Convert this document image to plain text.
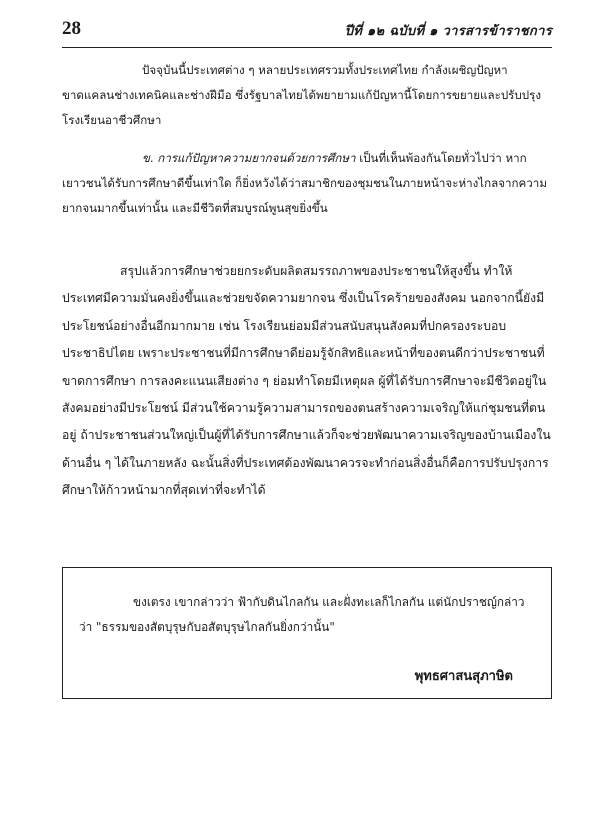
28	ปีที่ ๑๒ ฉบับที่ ๑ วารสารข้าราชการ
ปัจจุบันนี้ประเทศต่าง ๆ หลายประเทศรวมทั้งประเทศไทย กำลังเผชิญปัญหาขาดแคลนช่างเทคนิคและช่างฝีมือ ซึ่งรัฐบาลไทยได้พยายามแก้ปัญหานี้โดยการขยายและปรับปรุงโรงเรียนอาชีวศึกษา
ข. การแก้ปัญหาความยากจนด้วยการศึกษา เป็นที่เห็นพ้องกันโดยทั่วไปว่า หากเยาวชนได้รับการศึกษาดีขึ้นเท่าใด ก็ยิ่งหวังได้ว่าสมาชิกของชุมชนในภายหน้าจะห่างไกลจากความยากจนมากขึ้นเท่านั้น และมีชีวิตที่สมบูรณ์พูนสุขยิ่งขึ้น
สรุปแล้วการศึกษาช่วยยกระดับผลิตสมรรถภาพของประชาชนให้สูงขึ้น ทำให้ประเทศมีความมั่นคงยิ่งขึ้นและช่วยขจัดความยากจน ซึ่งเป็นโรคร้ายของสังคม นอกจากนี้ยังมีประโยชน์อย่างอื่นอีกมากมาย เช่น โรงเรียนย่อมมีส่วนสนับสนุนสังคมที่ปกครองระบอบประชาธิปไตย เพราะประชาชนที่มีการศึกษาดีย่อมรู้จักสิทธิและหน้าที่ของตนดีกว่าประชาชนที่ขาดการศึกษา การลงคะแนนเสียงต่าง ๆ ย่อมทำโดยมีเหตุผล ผู้ที่ได้รับการศึกษาจะมีชีวิตอยู่ในสังคมอย่างมีประโยชน์ มีส่วนใช้ความรู้ความสามารถของตนสร้างความเจริญให้แก่ชุมชนที่ตนอยู่ ถ้าประชาชนส่วนใหญ่เป็นผู้ที่ได้รับการศึกษาแล้วก็จะช่วยพัฒนาความเจริญของบ้านเมืองในด้านอื่น ๆ ได้ในภายหลัง ฉะนั้นสิ่งที่ประเทศต้องพัฒนาควรจะทำก่อนสิ่งอื่นก็คือการปรับปรุงการศึกษาให้ก้าวหน้ามากที่สุดเท่าที่จะทำได้
ขงเตรง เขากล่าวว่า ฟ้ากับดินไกลกัน และฝั่งทะเลก็ไกลกัน แต่นักปราชญ์กล่าวว่า "ธรรมของสัตบุรุษกับอสัตบุรุษไกลกันยิ่งกว่านั้น"
พุทธศาสนสุภาษิต
